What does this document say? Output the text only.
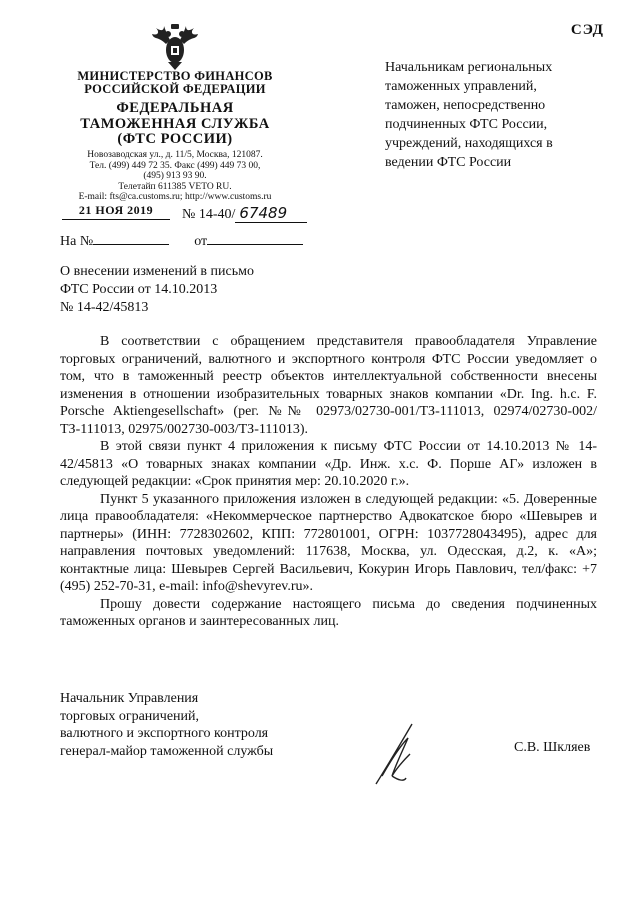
СЭД
МИНИСТЕРСТВО ФИНАНСОВ
РОССИЙСКОЙ ФЕДЕРАЦИИ
ФЕДЕРАЛЬНАЯ
ТАМОЖЕННАЯ СЛУЖБА
(ФТС РОССИИ)
Новозаводская ул., д. 11/5, Москва, 121087.
Тел. (499) 449 72 35. Факс (499) 449 73 00,
(495) 913 93 90.
Телетайп 611385 VETO RU.
E-mail: fts@ca.customs.ru; http://www.customs.ru
Начальникам региональных
таможенных управлений,
таможен, непосредственно
подчиненных ФТС России,
учреждений, находящихся в
ведении ФТС России
21 НОЯ 2019	№ 14-40/ 67489
На №	от
О внесении изменений в письмо
ФТС России от 14.10.2013
№ 14-42/45813

В соответствии с обращением представителя правообладателя Управление торговых ограничений, валютного и экспортного контроля ФТС России уведомляет о том, что в таможенный реестр объектов интеллектуальной собственности внесены изменения в отношении изобразительных товарных знаков компании «Dr. Ing. h.c. F. Porsche Aktiengesellschaft» (рег. №№ 02973/02730-001/ТЗ-111013, 02974/02730-002/ТЗ-111013, 02975/002730-003/ТЗ-111013).

В этой связи пункт 4 приложения к письму ФТС России от 14.10.2013 № 14-42/45813 «О товарных знаках компании «Др. Инж. х.с. Ф. Порше АГ» изложен в следующей редакции: «Срок принятия мер: 20.10.2020 г.».

Пункт 5 указанного приложения изложен в следующей редакции: «5. Доверенные лица правообладателя: «Некоммерческое партнерство Адвокатское бюро «Шевырев и партнеры» (ИНН: 7728302602, КПП: 772801001, ОГРН: 1037728043495), адрес для направления почтовых уведомлений: 117638, Москва, ул. Одесская, д.2, к. «А»; контактные лица: Шевырев Сергей Васильевич, Кокурин Игорь Павлович, тел/факс: +7 (495) 252-70-31, e-mail: info@shevyrev.ru».

Прошу довести содержание настоящего письма до сведения подчиненных таможенных органов и заинтересованных лиц.

Начальник Управления
торговых ограничений,
валютного и экспортного контроля
генерал-майор таможенной службы	С.В. Шкляев
